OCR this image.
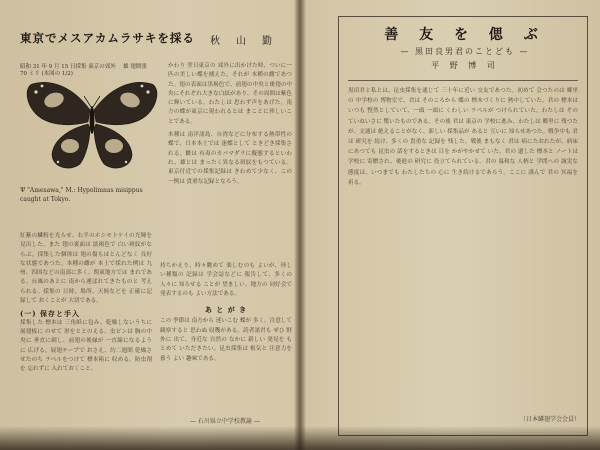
東京でメスアカムラサキを採る 秋　山　勤
昭和 31 年 9 月 15 日採集 東京の郊外 　雄 翅開張 70 ミリ (本図の 1/2)
Ψ "Amesawa," M.: Hypolimnas misippus caught at Tokyo.

かわり 翌日東京の 郊外に出かけた時、ついに一匹の美しい蝶を捕えた。それが 本種の雌であつた。翅の表面は黒褐色で、前翅の中央と後翅の中央にそれぞれ大きな白紋があり、その周囲は紫色に輝いている。わたしは 思わず声をあげた。南方の蝶が東京に現われるとは まことに珍しいことである。

本種は 南洋諸島、台湾などに分布する熱帯性の蝶で、日本本土では 迷蝶として ときどき採集される。雌は 有毒のカバマダラに擬態するといわれ、雄とは まったく異なる斑紋をもつている。東京付近での採集記録は きわめて少なく、この一例は 貴重な記録となろう。

紅紫の鱗粉を光らせ、右半のホシモトケイの光輝を見出した。また 翅の裏面は 淡褐色で 白い斑紋がならぶ。採集した個体は 翅の傷もほとんどなく 良好な状態であつた。本種の雌が 本土で採れた例は 九州、四国などの南部に多く、関東地方では まれである。台風のあとに 南から運ばれてきたものと 考えられる。採集の 日時、場所、天候などを 正確に記録して おくことが 大切である。

(一) 保存と手入

採集した 標本は 三角紙に包み、乾燥しないうちに 展翅板に のせて 形をととのえる。虫ピンは 胸の中央に 垂直に刺し、前翅の後縁が 一直線になるように 広げる。展翅テープで おさえ、約二週間 乾燥させたのち ラベルをつけて 標本箱に 収める。防虫剤を 忘れずに 入れておくこと。

持ちかえり、時々眺めて 楽しむのも よいが、珍しい種類の 記録は 学会誌などに 報告して、多くの 人々に 知らせる ことが 望ましい。地方の 同好会で 発表するのも よい方法である。

あ と が き

この 季節は 南方から 迷いこむ 蝶が 多く、注意して 観察すると 思わぬ 収穫がある。読者諸君も ぜひ 野外に 出て、身近な 自然の なかに 新しい 発見を もとめて いただきたい。昆虫採集は 根気と 注意力を 養う よい 趣味である。

— 石川県立中学校教諭 —
善 友 を 偲 ぶ
— 黒田良男君のことども —
平 野 博 司

黒田君と私とは、昆虫採集を通じて 三十年に近い 交友であつた。初めて 会つたのは 郷里の 中学校の 博物室で、君は そのころから 蝶の 標本づくりに 熱中していた。君の 標本は いつも 整然としていて、一頭 一頭に くわしい ラベルが つけられていた。わたしは その ていねいさに 驚いたものである。その後 君は 東京の 学校に進み、わたしは 郷里に 残つたが、文通は 絶えることがなく、新しい 採集品が あると 互いに 知らせあつた。戦争中も 君は 研究を 続け、多くの 貴重な 記録を 残した。戦後 まもなく 君は 病にたおれたが、病床にあつても 昆虫の 話をするときは 目を かがやかせて いた。君の 遺した 標本と ノートは 学校に 寄贈され、後進の 研究に 役立てられている。君の 温和な 人柄と 学問への 誠実な 態度は、いつまでも わたしたちの 心に 生き続けるであろう。ここに 謹んで 君の 冥福を 祈る。

（日本鱗翅学会会員）
